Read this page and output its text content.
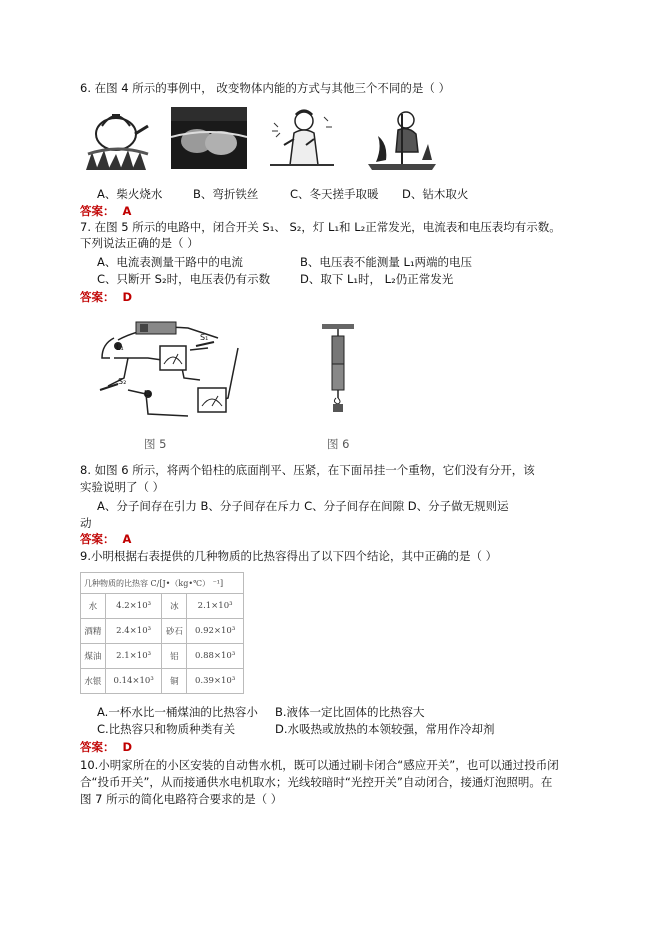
6. 在图 4 所示的事例中， 改变物体内能的方式与其他三个不同的是（ ）
A、柴火烧水	B、弯折铁丝	C、冬天搓手取暖 D、钻木取火
答案： A
7. 在图 5 所示的电路中，闭合开关 S₁、 S₂，灯 L₁和 L₂正常发光，电流表和电压表均有示数。
下列说法正确的是（ ）
A、电流表测量干路中的电流	B、电压表不能测量 L₁两端的电压
C、只断开 S₂时，电压表仍有示数	D、取下 L₁时， L₂仍正常发光
答案： D
L₁
L₂
S₁
S₂
图 5	图 6
8. 如图 6 所示，将两个铅柱的底面削平、压紧，在下面吊挂一个重物，它们没有分开，该
实验说明了（ ）
A、分子间存在引力 B、分子间存在斥力 C、分子间存在间隙 D、分子做无规则运
动
答案： A
9.小明根据右表提供的几种物质的比热容得出了以下四个结论，其中正确的是（ ）
几种物质的比热容 C/[J•（kg•℃） ⁻¹]			
水	4.2×10³	冰	2.1×10³
酒精	2.4×10³	砂石	0.92×10³
煤油	2.1×10³	铝	0.88×10³
水银	0.14×10³	铜	0.39×10³
A.一杯水比一桶煤油的比热容小 B.液体一定比固体的比热容大
C.比热容只和物质种类有关	D.水吸热或放热的本领较强，常用作冷却剂
答案： D
10.小明家所在的小区安装的自动售水机，既可以通过刷卡闭合“感应开关”，也可以通过投币闭
合“投币开关”，从而接通供水电机取水；光线较暗时“光控开关”自动闭合，接通灯泡照明。在
图 7 所示的简化电路符合要求的是（ ）
